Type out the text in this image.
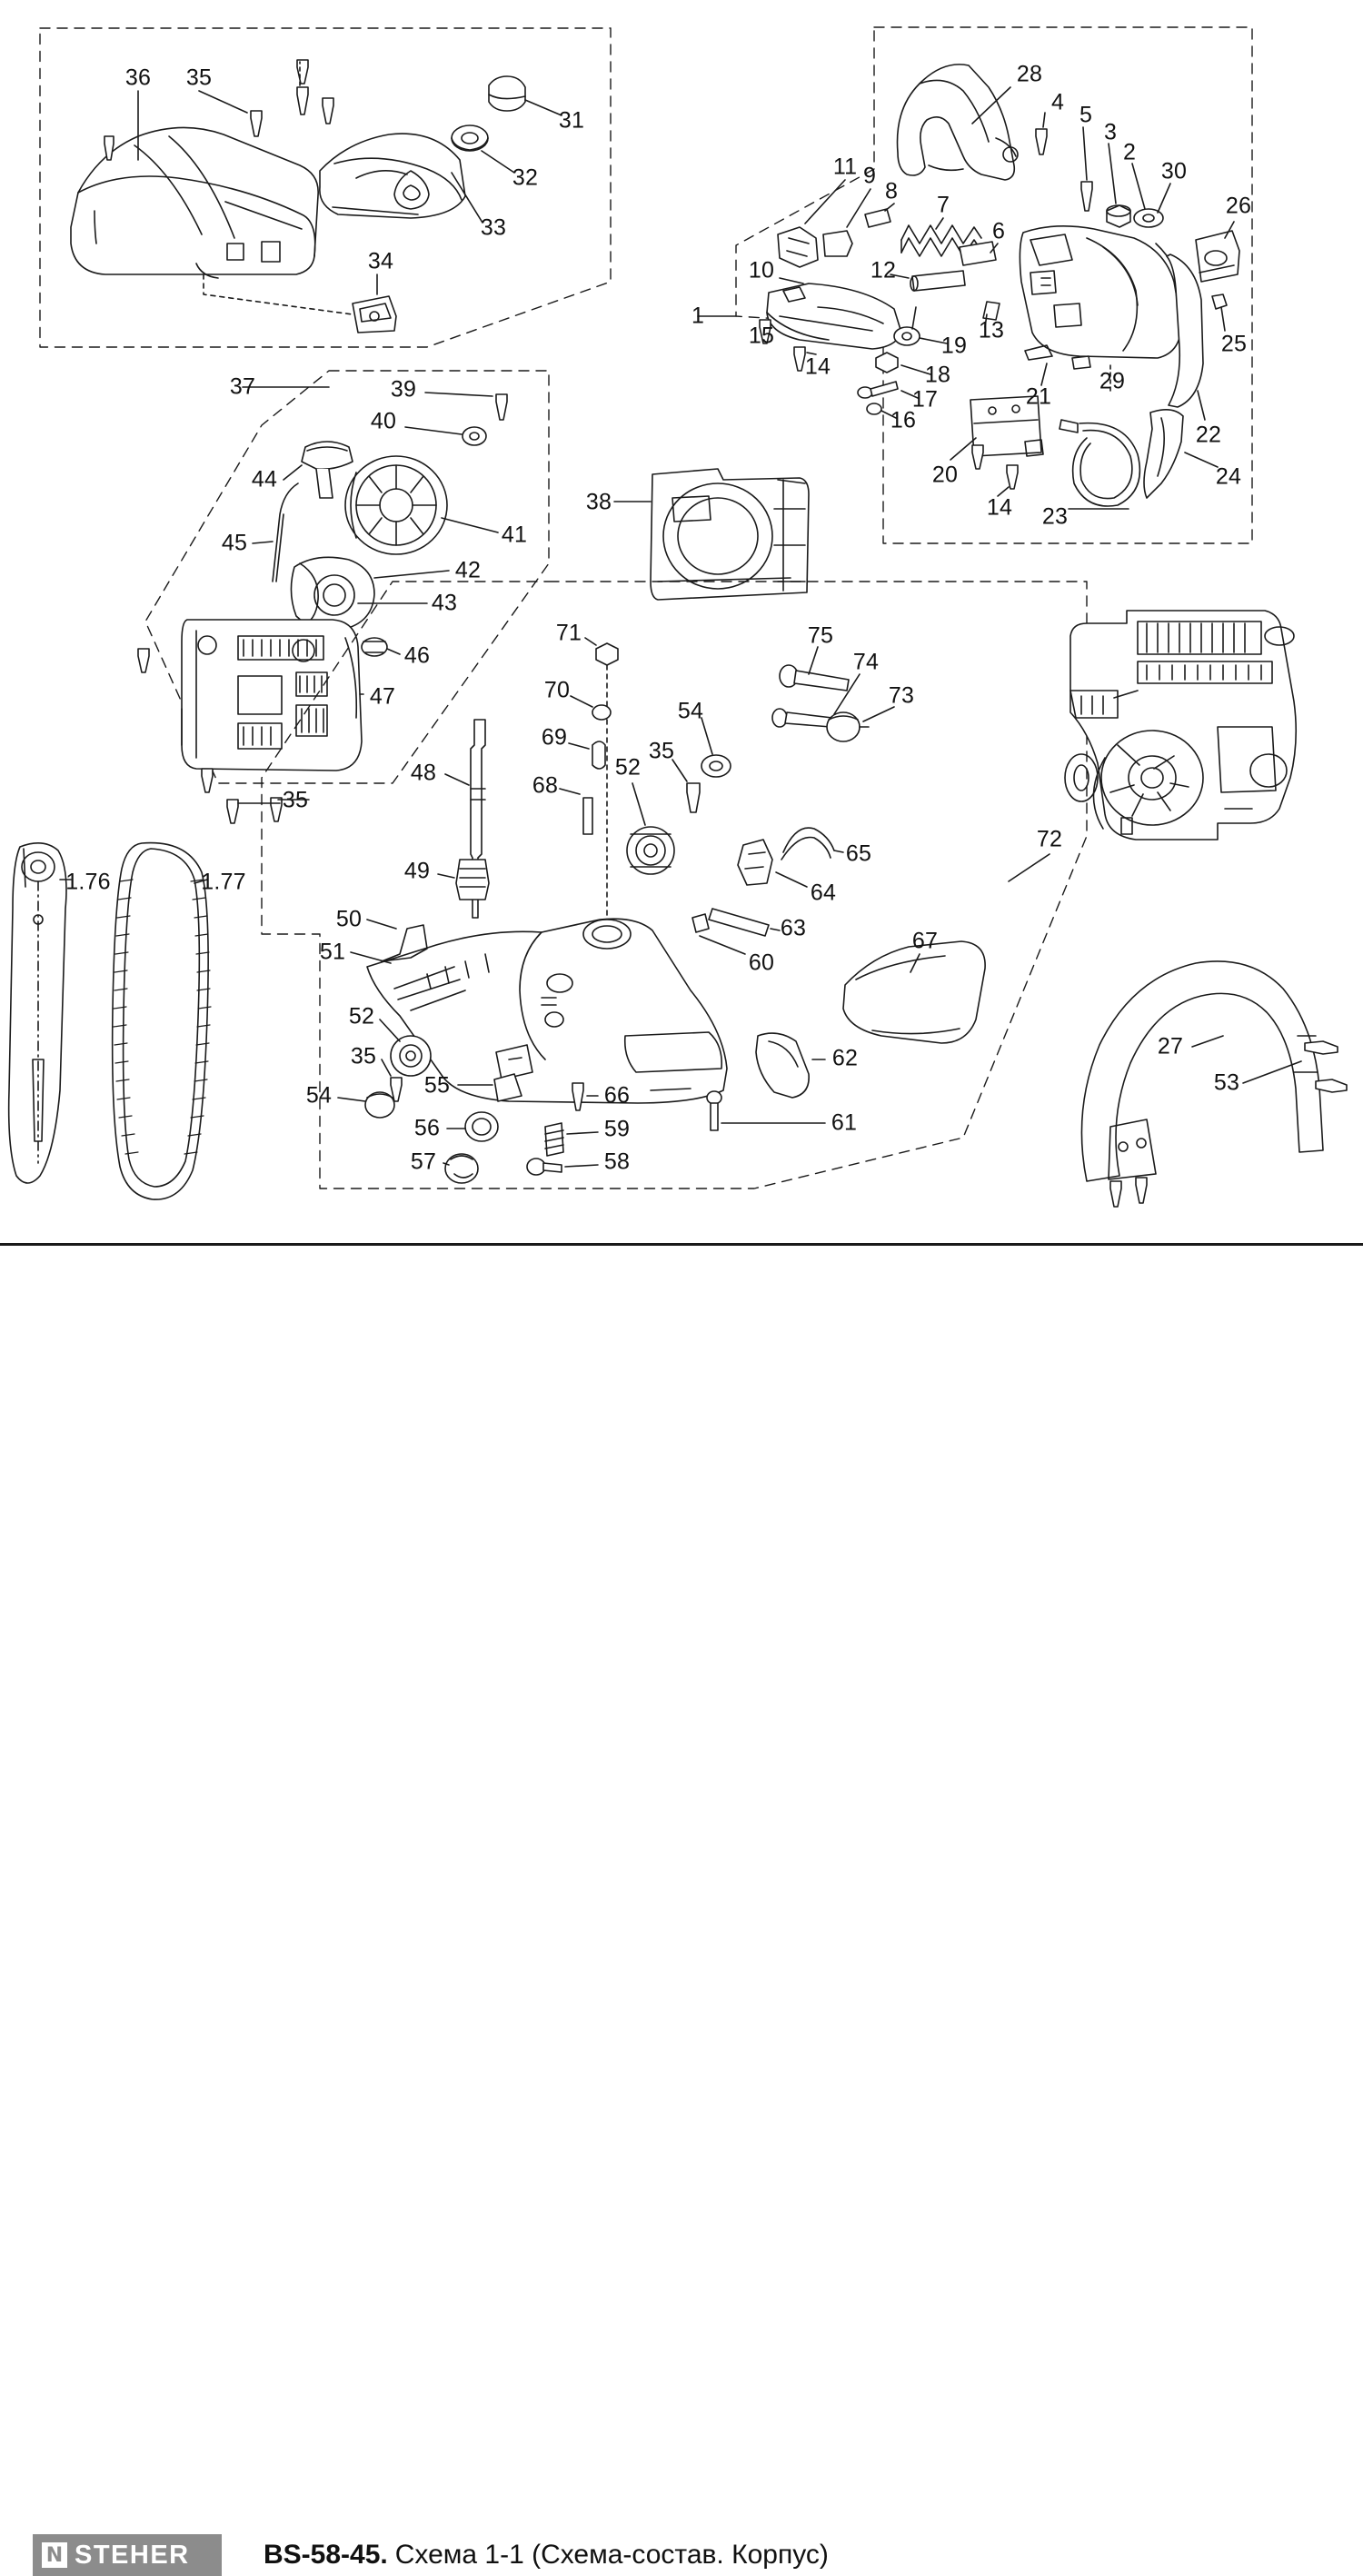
N STEHER	BS-58-45. Схема 1-1 (Схема-состав. Корпус)
36 35
31
32
33
34
37	39
40
44
41
45
42
43
46
47
35
1.76	1.77
38
28
4 5
3
2
30
26
11 9
8
7
6
10	12
1
13
19	25
15
18
14
17
16
21
29
22
20	24
14 23
71	75
74
70	73
54
69
35
68
52
48
49
65
64
72
63
60
50
67
51
52
35	62
55
54
27
53
66
56	59	61
57	58
